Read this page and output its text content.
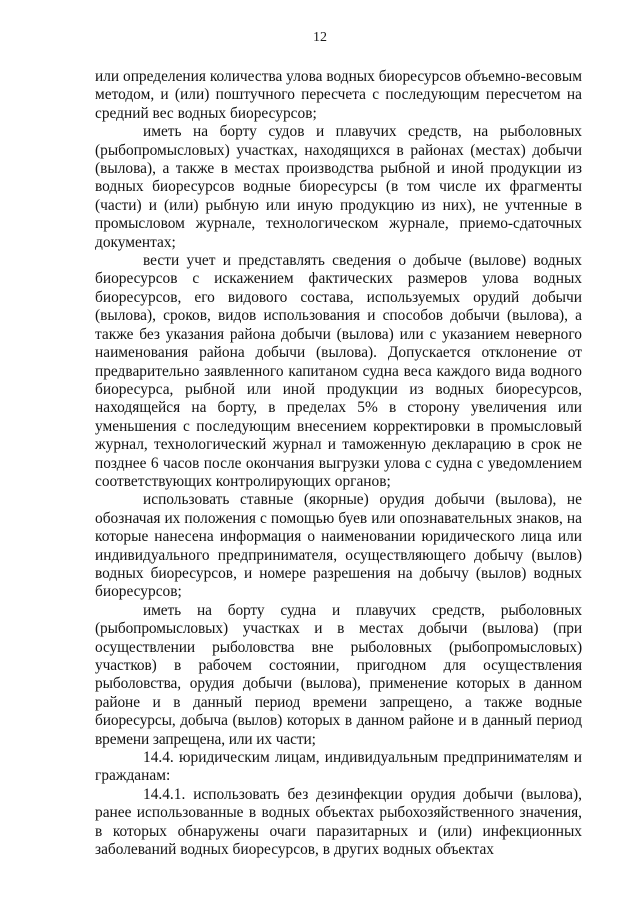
12

или определения количества улова водных биоресурсов объемно-весовым методом, и (или) поштучного пересчета с последующим пересчетом на средний вес водных биоресурсов;

иметь на борту судов и плавучих средств, на рыболовных (рыбопромысловых) участках, находящихся в районах (местах) добычи (вылова), а также в местах производства рыбной и иной продукции из водных биоресурсов водные биоресурсы (в том числе их фрагменты (части) и (или) рыбную или иную продукцию из них), не учтенные в промысловом журнале, технологическом журнале, приемо-сдаточных документах;

вести учет и представлять сведения о добыче (вылове) водных биоресурсов с искажением фактических размеров улова водных биоресурсов, его видового состава, используемых орудий добычи (вылова), сроков, видов использования и способов добычи (вылова), а также без указания района добычи (вылова) или с указанием неверного наименования района добычи (вылова). Допускается отклонение от предварительно заявленного капитаном судна веса каждого вида водного биоресурса, рыбной или иной продукции из водных биоресурсов, находящейся на борту, в пределах 5% в сторону увеличения или уменьшения с последующим внесением корректировки в промысловый журнал, технологический журнал и таможенную декларацию в срок не позднее 6 часов после окончания выгрузки улова с судна с уведомлением соответствующих контролирующих органов;

использовать ставные (якорные) орудия добычи (вылова), не обозначая их положения с помощью буев или опознавательных знаков, на которые нанесена информация о наименовании юридического лица или индивидуального предпринимателя, осуществляющего добычу (вылов) водных биоресурсов, и номере разрешения на добычу (вылов) водных биоресурсов;

иметь на борту судна и плавучих средств, рыболовных (рыбопромысловых) участках и в местах добычи (вылова) (при осуществлении рыболовства вне рыболовных (рыбопромысловых) участков) в рабочем состоянии, пригодном для осуществления рыболовства, орудия добычи (вылова), применение которых в данном районе и в данный период времени запрещено, а также водные биоресурсы, добыча (вылов) которых в данном районе и в данный период времени запрещена, или их части;

14.4. юридическим лицам, индивидуальным предпринимателям и гражданам:

14.4.1. использовать без дезинфекции орудия добычи (вылова), ранее использованные в водных объектах рыбохозяйственного значения, в которых обнаружены очаги паразитарных и (или) инфекционных заболеваний водных биоресурсов, в других водных объектах
